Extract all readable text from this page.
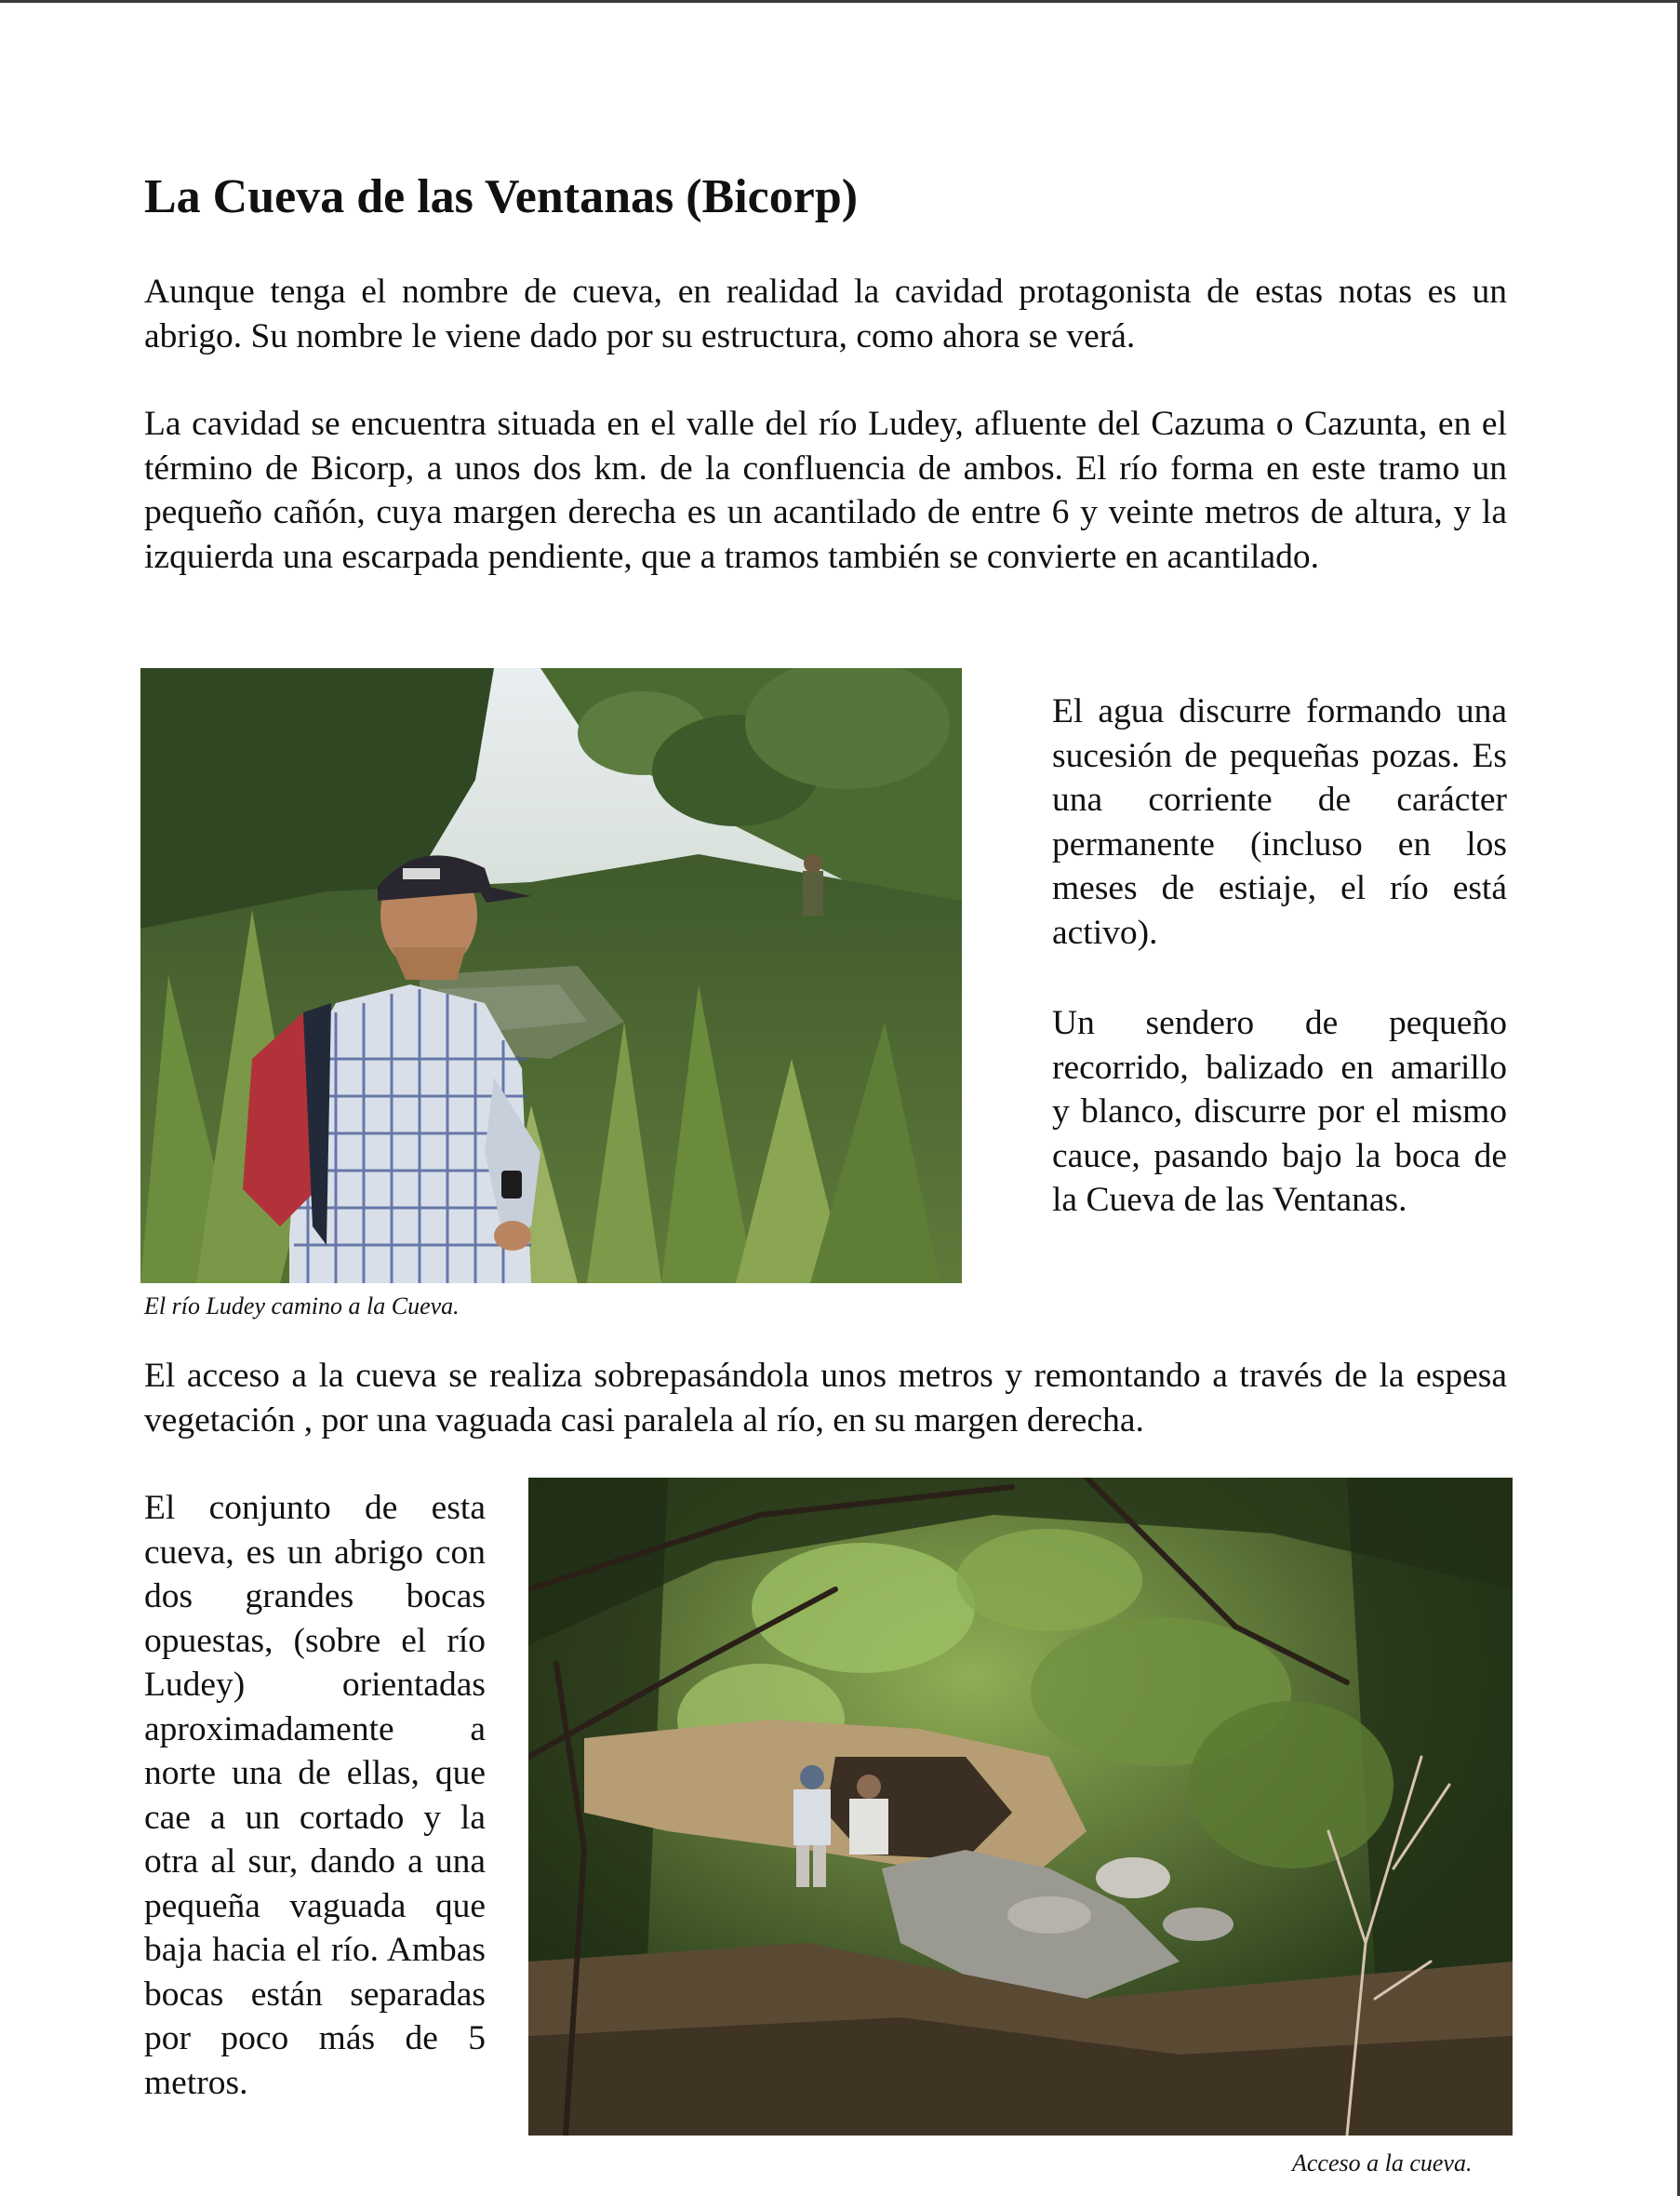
La Cueva de las Ventanas (Bicorp)

Aunque tenga el nombre de cueva, en realidad la cavidad protagonista de estas notas es un abrigo. Su nombre le viene dado por su estructura, como ahora se verá.

La cavidad se encuentra situada en el valle del río Ludey, afluente del Cazuma o Cazunta, en el término de Bicorp, a unos dos km. de la confluencia de ambos. El río forma en este tramo un pequeño cañón, cuya margen derecha es un acantilado de entre 6 y veinte metros de altura, y la izquierda una escarpada pendiente, que a tramos también se convierte en acantilado.

El río Ludey camino a la Cueva.

El agua discurre formando una sucesión de pequeñas pozas. Es una corriente de carácter permanente (incluso en los meses de estiaje, el río está activo).

Un sendero de pequeño recorrido, balizado en amarillo y blanco, discurre por el mismo cauce, pasando bajo la boca de la Cueva de las Ventanas.

El acceso a la cueva se realiza sobrepasándola unos metros y remontando a través de la espesa vegetación , por una vaguada casi paralela al río, en su margen derecha.

El conjunto de esta cueva, es un abrigo con dos grandes bocas opuestas, (sobre el río Ludey) orientadas aproximadamente a norte una de ellas, que cae a un cortado y la otra al sur, dando a una pequeña vaguada que baja hacia el río. Ambas bocas están separadas por poco más de 5 metros.

Acceso a la cueva.
